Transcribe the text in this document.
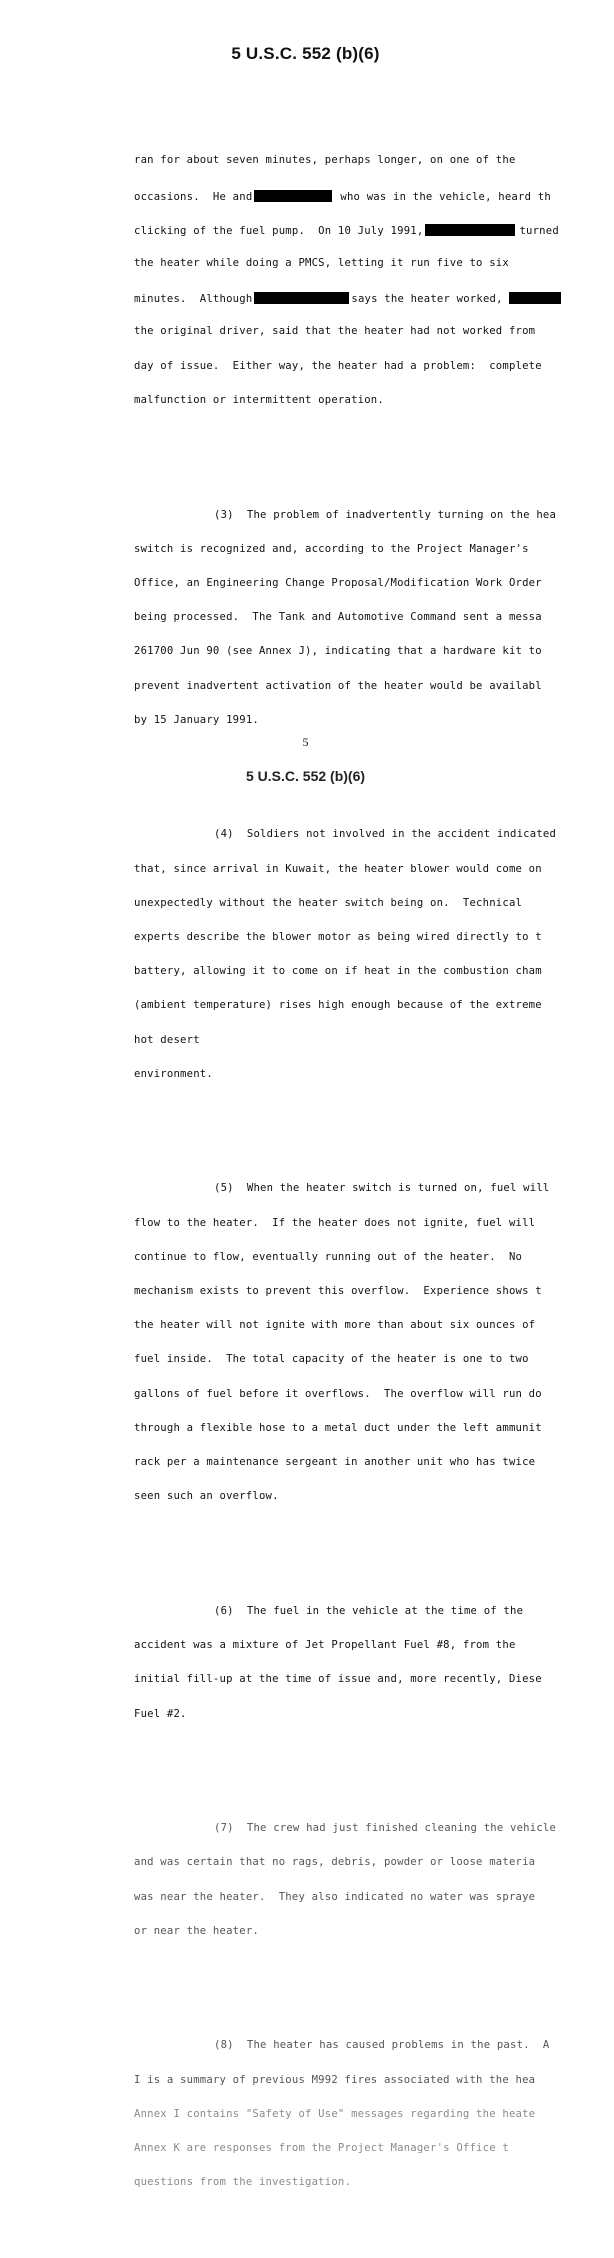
5 U.S.C. 552 (b)(6)

ran for about seven minutes, perhaps longer, on one of the

occasions.  He and	who was in the vehicle, heard th

clicking of the fuel pump.  On 10 July 1991,	turned

the heater while doing a PMCS, letting it run five to six

minutes.  Although	says the heater worked,

the original driver, said that the heater had not worked from

day of issue.  Either way, the heater had a problem:  complete

malfunction or intermittent operation.

(3)  The problem of inadvertently turning on the hea

switch is recognized and, according to the Project Manager's

Office, an Engineering Change Proposal/Modification Work Order

being processed.  The Tank and Automotive Command sent a messa

261700 Jun 90 (see Annex J), indicating that a hardware kit to

prevent inadvertent activation of the heater would be availabl

by 15 January 1991.

(4)  Soldiers not involved in the accident indicated

that, since arrival in Kuwait, the heater blower would come on

unexpectedly without the heater switch being on.  Technical

experts describe the blower motor as being wired directly to t

battery, allowing it to come on if heat in the combustion cham

(ambient temperature) rises high enough because of the extreme

hot desert

environment.

(5)  When the heater switch is turned on, fuel will

flow to the heater.  If the heater does not ignite, fuel will

continue to flow, eventually running out of the heater.  No

mechanism exists to prevent this overflow.  Experience shows t

the heater will not ignite with more than about six ounces of

fuel inside.  The total capacity of the heater is one to two

gallons of fuel before it overflows.  The overflow will run do

through a flexible hose to a metal duct under the left ammunit

rack per a maintenance sergeant in another unit who has twice

seen such an overflow.

(6)  The fuel in the vehicle at the time of the

accident was a mixture of Jet Propellant Fuel #8, from the

initial fill-up at the time of issue and, more recently, Diese

Fuel #2.

(7)  The crew had just finished cleaning the vehicle

and was certain that no rags, debris, powder or loose materia

was near the heater.  They also indicated no water was spraye

or near the heater.

(8)  The heater has caused problems in the past.  A

I is a summary of previous M992 fires associated with the hea

Annex I contains "Safety of Use" messages regarding the heate

Annex K are responses from the Project Manager's Office t

questions from the investigation.

5
5 U.S.C. 552 (b)(6)
